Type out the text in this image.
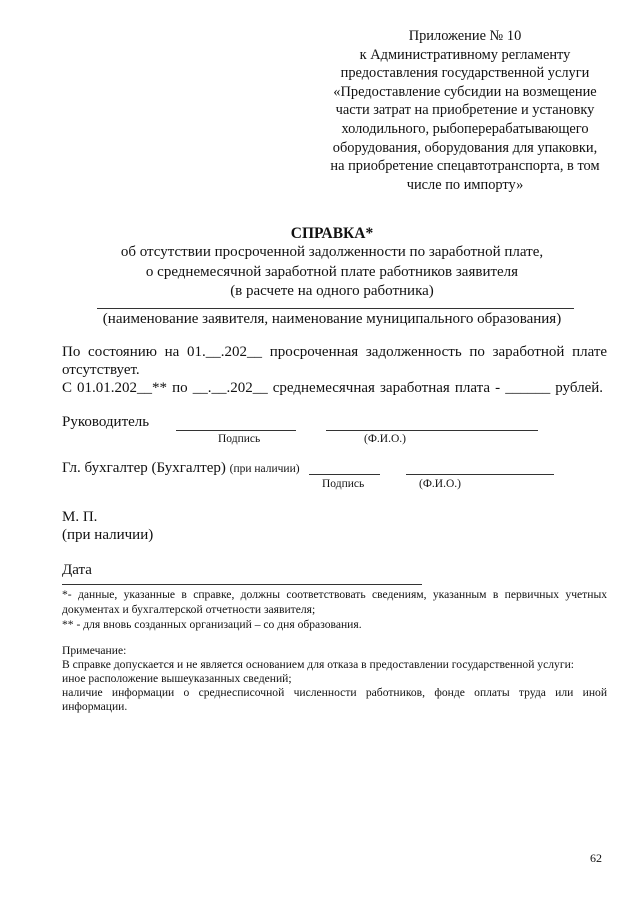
Приложение № 10
к Административному регламенту
предоставления государственной услуги
«Предоставление субсидии на возмещение
части затрат на приобретение и установку
холодильного, рыбоперерабатывающего
оборудования, оборудования для упаковки,
на приобретение спецавтотранспорта, в том
числе по импорту»
СПРАВКА*
об отсутствии просроченной задолженности по заработной плате,
о среднемесячной заработной плате работников заявителя
(в расчете на одного работника)
(наименование заявителя, наименование муниципального образования)
По состоянию на 01.__.202__ просроченная задолженность по заработной плате
отсутствует.
С 01.01.202__** по __.__.202__ среднемесячная заработная плата - ______ рублей.
Руководитель
Подпись	(Ф.И.О.)
Гл. бухгалтер (Бухгалтер) (при наличии)
Подпись	(Ф.И.О.)
М. П.
(при наличии)
Дата
*- данные, указанные в справке, должны соответствовать сведениям, указанным в первичных учетных
документах и бухгалтерской отчетности заявителя;
** - для вновь созданных организаций – со дня образования.
Примечание:
В справке допускается и не является основанием для отказа в предоставлении государственной услуги:
иное расположение вышеуказанных сведений;
наличие информации о среднесписочной численности работников, фонде оплаты труда или иной
информации.
62
